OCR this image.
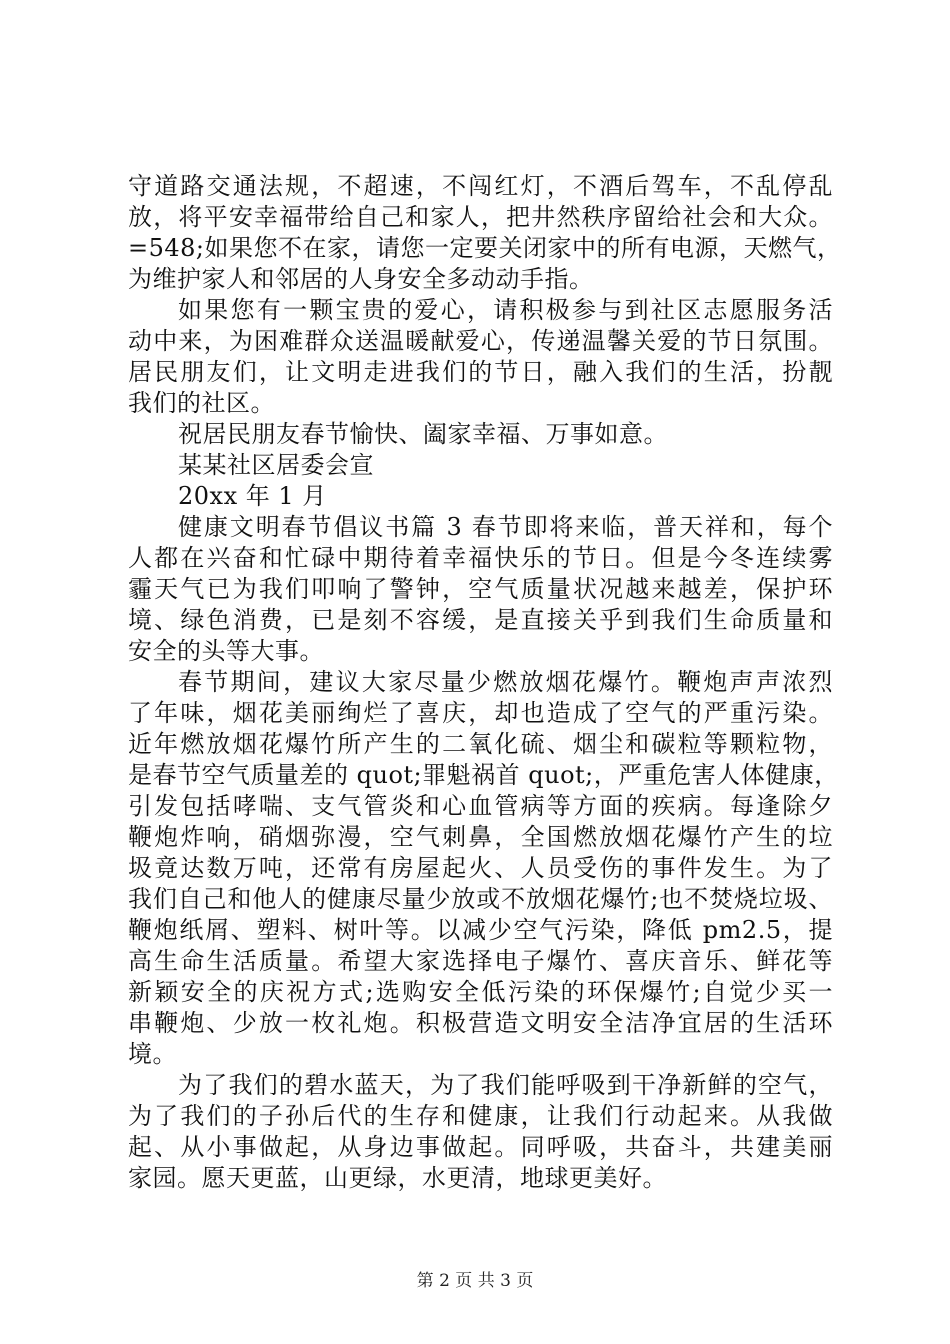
守道路交通法规，不超速，不闯红灯，不酒后驾车，不乱停乱
放，将平安幸福带给自己和家人，把井然秩序留给社会和大众。
=548;如果您不在家，请您一定要关闭家中的所有电源，天燃气，
为维护家人和邻居的人身安全多动动手指。
如果您有一颗宝贵的爱心，请积极参与到社区志愿服务活
动中来，为困难群众送温暖献爱心，传递温馨关爱的节日氛围。
居民朋友们，让文明走进我们的节日，融入我们的生活，扮靓
我们的社区。
祝居民朋友春节愉快、阖家幸福、万事如意。
某某社区居委会宣
20xx 年 1 月
健康文明春节倡议书篇 3 春节即将来临，普天祥和，每个
人都在兴奋和忙碌中期待着幸福快乐的节日。但是今冬连续雾
霾天气已为我们叩响了警钟，空气质量状况越来越差，保护环
境、绿色消费，已是刻不容缓，是直接关乎到我们生命质量和
安全的头等大事。
春节期间，建议大家尽量少燃放烟花爆竹。鞭炮声声浓烈
了年味，烟花美丽绚烂了喜庆，却也造成了空气的严重污染。
近年燃放烟花爆竹所产生的二氧化硫、烟尘和碳粒等颗粒物，
是春节空气质量差的 quot;罪魁祸首 quot;，严重危害人体健康，
引发包括哮喘、支气管炎和心血管病等方面的疾病。每逢除夕
鞭炮炸响，硝烟弥漫，空气刺鼻，全国燃放烟花爆竹产生的垃
圾竟达数万吨，还常有房屋起火、人员受伤的事件发生。为了
我们自己和他人的健康尽量少放或不放烟花爆竹;也不焚烧垃圾、
鞭炮纸屑、塑料、树叶等。以减少空气污染，降低 pm2.5，提
高生命生活质量。希望大家选择电子爆竹、喜庆音乐、鲜花等
新颖安全的庆祝方式;选购安全低污染的环保爆竹;自觉少买一
串鞭炮、少放一枚礼炮。积极营造文明安全洁净宜居的生活环
境。
为了我们的碧水蓝天，为了我们能呼吸到干净新鲜的空气，
为了我们的子孙后代的生存和健康，让我们行动起来。从我做
起、从小事做起，从身边事做起。同呼吸，共奋斗，共建美丽
家园。愿天更蓝，山更绿，水更清，地球更美好。
第 2 页 共 3 页
